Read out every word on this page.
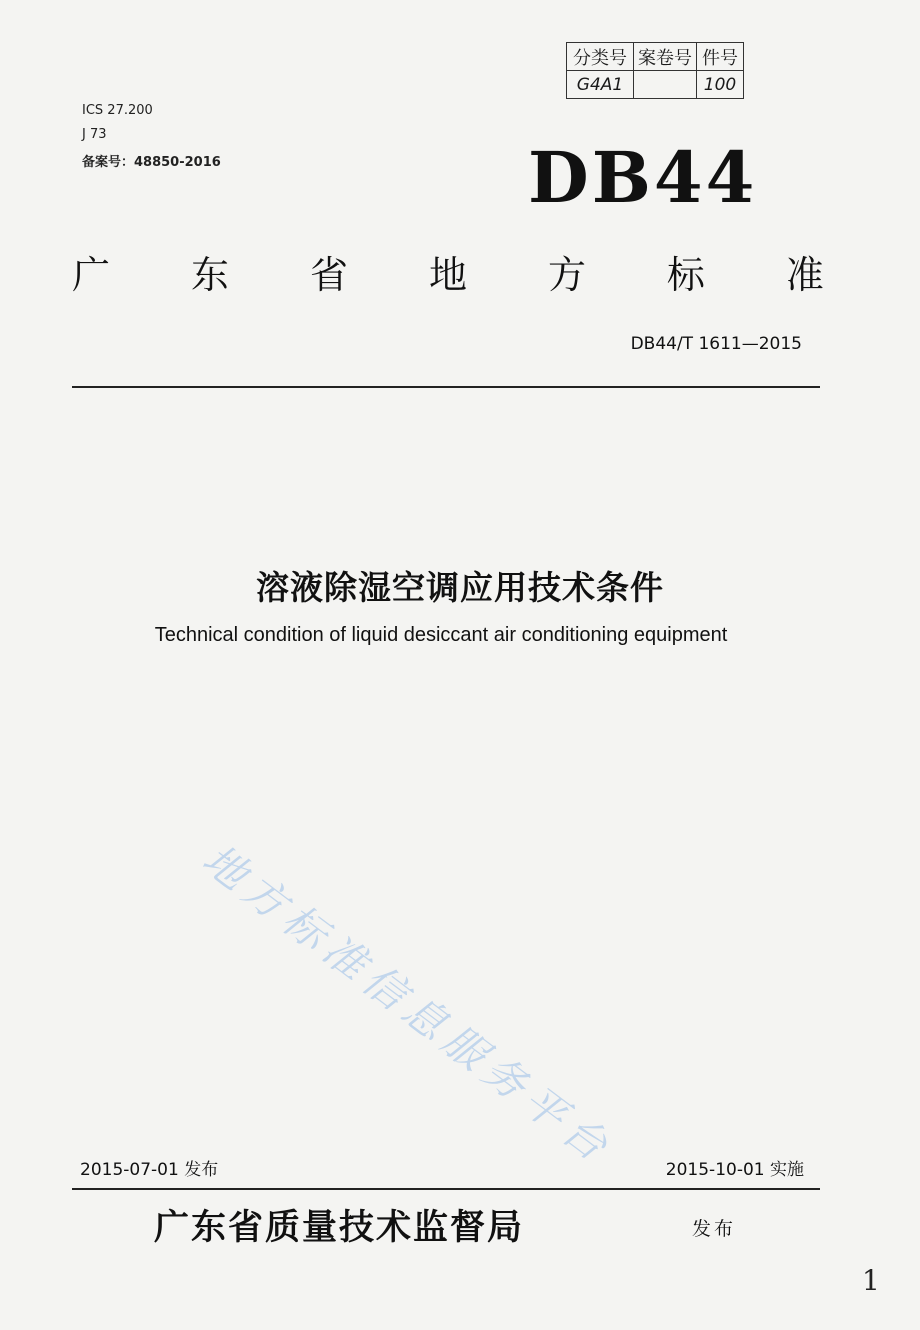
分类号	案卷号	件号
G4A1		100
ICS 27.200
J 73
备案号：48850-2016	DB44
广 东 省 地 方 标 准
DB44/T 1611—2015
溶液除湿空调应用技术条件
Technical condition of liquid desiccant air conditioning equipment
地方标准信息服务平台
2015-07-01 发布	2015-10-01 实施
广东省质量技术监督局	发布
1
